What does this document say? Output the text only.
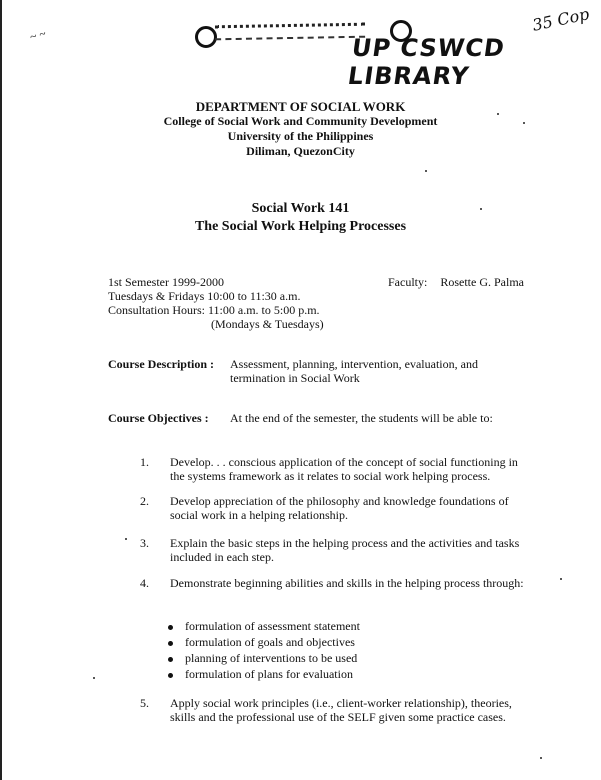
~ ~	UP CSWCD LIBRARY
35 Cop
DEPARTMENT OF SOCIAL WORK
College of Social Work and Community Development
University of the Philippines
Diliman, QuezonCity
Social Work 141
The Social Work Helping Processes
1st Semester 1999-2000
Tuesdays & Fridays 10:00 to 11:30 a.m.
Consultation Hours: 11:00 a.m. to 5:00 p.m.
(Mondays & Tuesdays)
Faculty: Rosette G. Palma
Course Description : Assessment, planning, intervention, evaluation, and termination in Social Work
Course Objectives : At the end of the semester, the students will be able to:
1.	Develop. . . conscious application of the concept of social functioning in the systems framework as it relates to social work helping process.
2.	Develop appreciation of the philosophy and knowledge foundations of social work in a helping relationship.
3.	Explain the basic steps in the helping process and the activities and tasks included in each step.
4.	Demonstrate beginning abilities and skills in the helping process through:
formulation of assessment statement
formulation of goals and objectives
planning of interventions to be used
formulation of plans for evaluation
5.	Apply social work principles (i.e., client-worker relationship), theories, skills and the professional use of the SELF given some practice cases.
